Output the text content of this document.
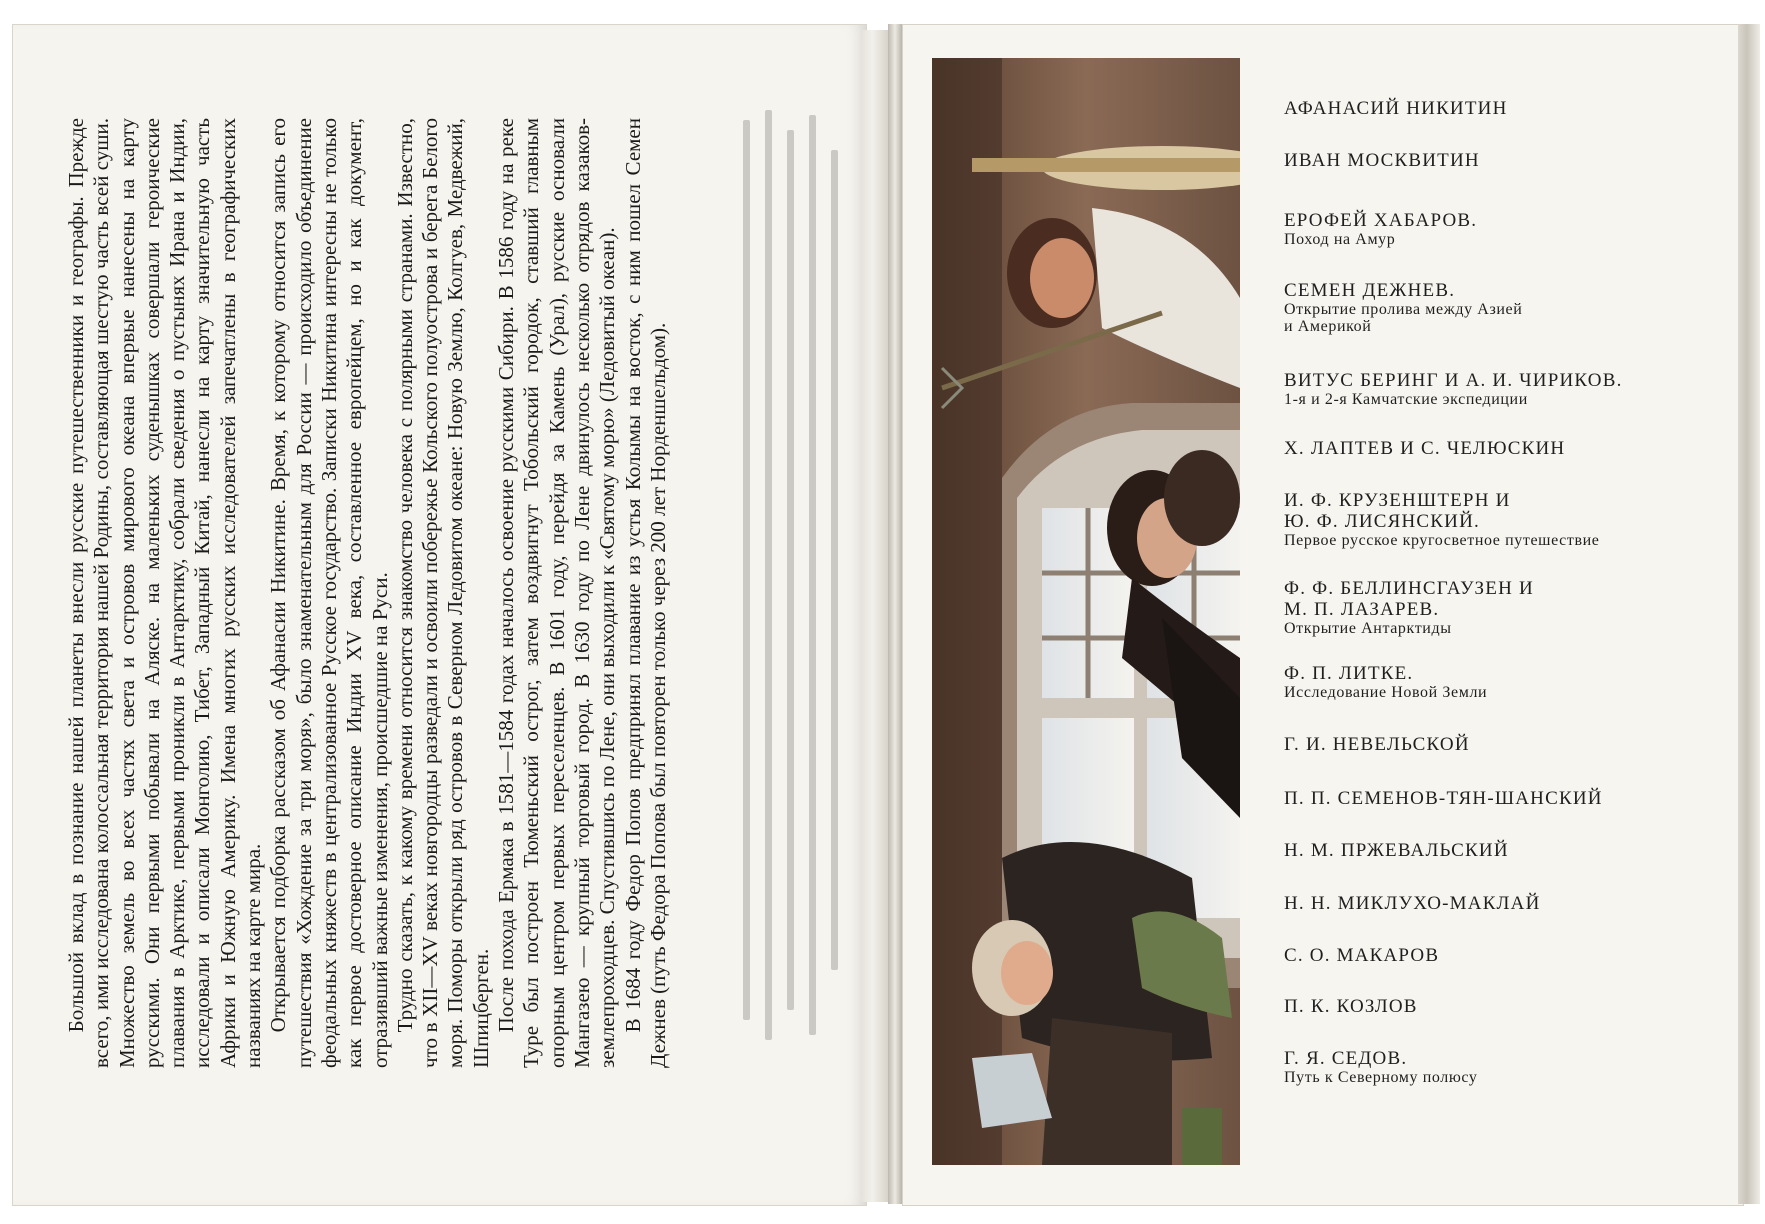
Большой вклад в познание нашей планеты внесли русские путешественники и географы. Прежде всего, ими исследована колоссальная территория нашей Родины, составляющая шестую часть всей суши. Множество земель во всех частях света и островов мирового океана впервые нанесены на карту русскими. Они первыми побывали на Аляске. на маленьких суденышках совершали героические плавания в Арктике, первыми проникли в Антарктику, собрали сведения о пустынях Ирана и Индии, исследовали и описали Монголию, Тибет, Западный Китай, нанесли на карту значительную часть Африки и Южную Америку. Имена многих русских исследователей запечатлены в географических названиях на карте мира. Открывается подборка рассказом об Афанасии Никитине. Время, к которому относится запись его путешествия «Хождение за три моря», было знаменательным для России — происходило объединение феодальных княжеств в централизованное Русское государство. Записки Никитина интересны не только как первое достоверное описание Индии XV века, составленное европейцем, но и как документ, отразивший важные изменения, происшедшие на Руси. Трудно сказать, к какому времени относится знакомство человека с полярными странами. Известно, что в XII—XV веках новгородцы разведали и освоили побережье Кольского полуострова и берега Белого моря. Поморы открыли ряд островов в Северном Ледовитом океане: Новую Землю, Колгуев, Медвежий, Шпицберген. После похода Ермака в 1581—1584 годах началось освоение русскими Сибири. В 1586 году на реке Туре был построен Тюменьский острог, затем воздвигнут Тобольский городок, ставший главным опорным центром первых переселенцев. В 1601 году, перейдя за Камень (Урал), русские основали Мангазею — крупный торговый город. В 1630 году по Лене двинулось несколько отрядов казаков-землепроходцев. Спустившись по Лене, они выходили к «Святому морю» (Ледовитый океан). В 1684 году Федор Попов предпринял плавание из устья Колымы на восток, с ним пошел Семен Дежнев (путь Федора Попова был повторен только через 200 лет Норденшельдом).

АФАНАСИЙ НИКИТИН
ИВАН МОСКВИТИН
ЕРОФЕЙ ХАБАРОВ.
Поход на Амур
СЕМЕН ДЕЖНЕВ.
Открытие пролива между Азией
и Америкой
ВИТУС БЕРИНГ И А. И. ЧИРИКОВ.
1-я и 2-я Камчатские экспедиции
Х. ЛАПТЕВ И С. ЧЕЛЮСКИН
И. Ф. КРУЗЕНШТЕРН И
Ю. Ф. ЛИСЯНСКИЙ.
Первое русское кругосветное путешествие
Ф. Ф. БЕЛЛИНСГАУЗЕН И
М. П. ЛАЗАРЕВ.
Открытие Антарктиды
Ф. П. ЛИТКЕ.
Исследование Новой Земли
Г. И. НЕВЕЛЬСКОЙ
П. П. СЕМЕНОВ-ТЯН-ШАНСКИЙ
Н. М. ПРЖЕВАЛЬСКИЙ
Н. Н. МИКЛУХО-МАКЛАЙ
С. О. МАКАРОВ
П. К. КОЗЛОВ
Г. Я. СЕДОВ.
Путь к Северному полюсу
